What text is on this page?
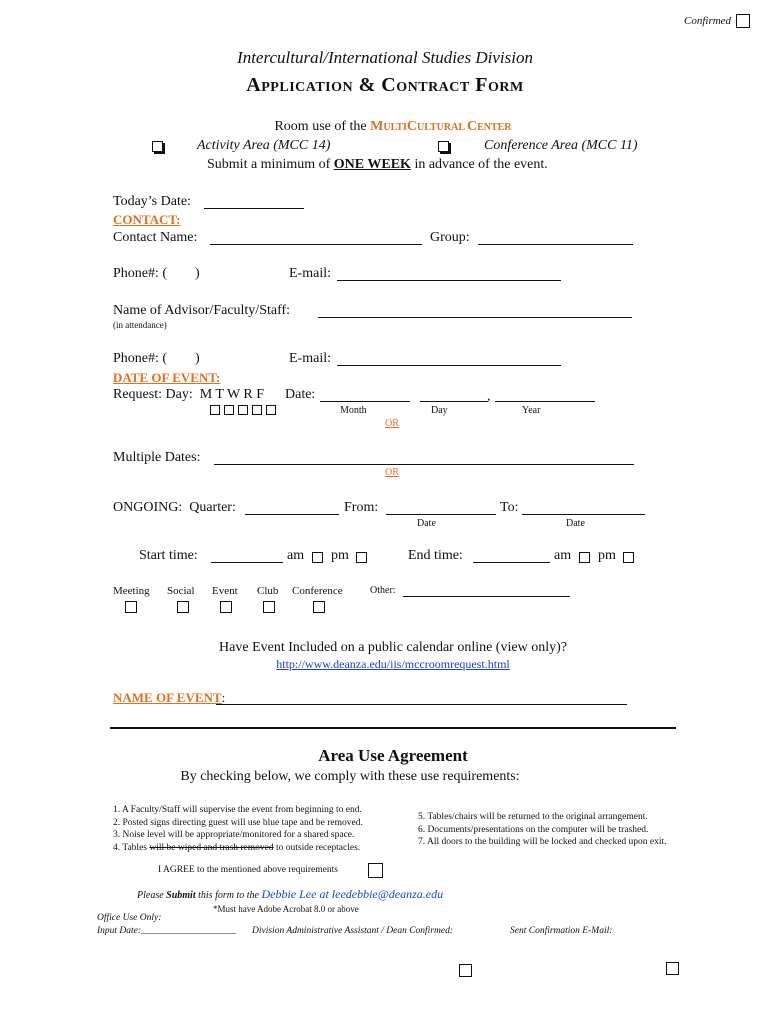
Confirmed
Intercultural/International Studies Division
APPLICATION & CONTRACT FORM
Room use of the MULTICULTURAL CENTER
Activity Area (MCC 14)	Conference Area (MCC 11)
Submit a minimum of ONE WEEK in advance of the event.
Today’s Date:
CONTACT:
Contact Name:	Group:
Phone#: (        )	E-mail:
Name of Advisor/Faculty/Staff:
(in attendance)
Phone#: (        )	E-mail:
DATE OF EVENT:
Request: Day:  M T W R F Date:	,
Month	Day	Year
OR
Multiple Dates:
OR
ONGOING:  Quarter:	From:	To:
Date	Date
Start time:	am pm	End time:	am pm
Meeting Social Event Club Conference	Other:
Have Event Included on a public calendar online (view only)?
http://www.deanza.edu/iis/mccroomrequest.html
NAME OF EVENT:
Area Use Agreement
By checking below, we comply with these use requirements:
1. A Faculty/Staff will supervise the event from beginning to end.
2. Posted signs directing guest will use blue tape and be removed.
3. Noise level will be appropriate/monitored for a shared space.
4. Tables will be wiped and trash removed to outside receptacles.
5. Tables/chairs will be returned to the original arrangement.
6. Documents/presentations on the computer will be trashed.
7. All doors to the building will be locked and checked upon exit.
I AGREE to the mentioned above requirements
Please Submit this form to the Debbie Lee at leedebbie@deanza.edu
*Must have Adobe Acrobat 8.0 or above
Office Use Only:
Input Date:____________________ Division Administrative Assistant / Dean Confirmed:	Sent Confirmation E-Mail:
